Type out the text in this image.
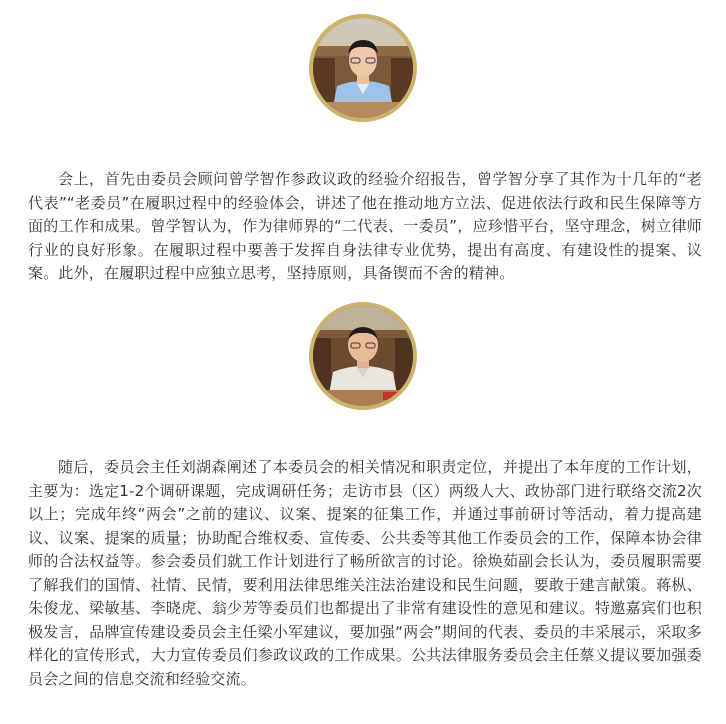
会上，首先由委员会顾问曾学智作参政议政的经验介绍报告，曾学智分享了其作为十几年的“老代表”“老委员”在履职过程中的经验体会，讲述了他在推动地方立法、促进依法行政和民生保障等方面的工作和成果。曾学智认为，作为律师界的“二代表、一委员”，应珍惜平台，坚守理念，树立律师行业的良好形象。在履职过程中要善于发挥自身法律专业优势，提出有高度、有建设性的提案、议案。此外，在履职过程中应独立思考，坚持原则，具备锲而不舍的精神。

随后，委员会主任刘湖森阐述了本委员会的相关情况和职责定位，并提出了本年度的工作计划，主要为：选定1-2个调研课题，完成调研任务；走访市县（区）两级人大、政协部门进行联络交流2次以上；完成年终“两会”之前的建议、议案、提案的征集工作，并通过事前研讨等活动，着力提高建议、议案、提案的质量；协助配合维权委、宣传委、公共委等其他工作委员会的工作，保障本协会律师的合法权益等。参会委员们就工作计划进行了畅所欲言的讨论。徐焕茹副会长认为，委员履职需要了解我们的国情、社情、民情，要利用法律思维关注法治建设和民生问题，要敢于建言献策。蒋枞、朱俊龙、梁敏基、李晓虎、翁少芳等委员们也都提出了非常有建设性的意见和建议。特邀嘉宾们也积极发言，品牌宣传建设委员会主任梁小军建议，要加强“两会”期间的代表、委员的丰采展示，采取多样化的宣传形式，大力宣传委员们参政议政的工作成果。公共法律服务委员会主任蔡义提议要加强委员会之间的信息交流和经验交流。
